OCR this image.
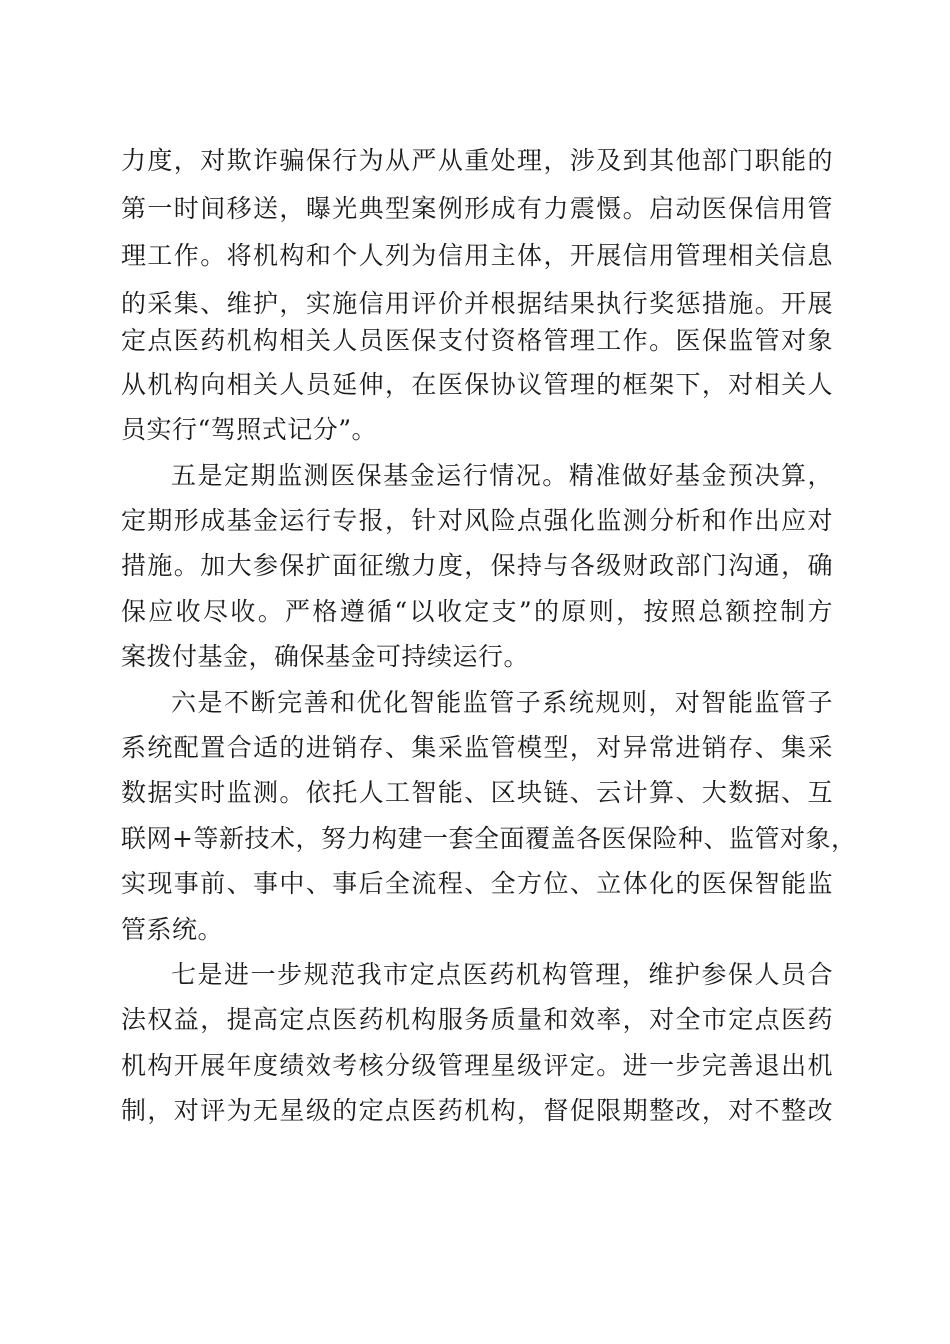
力度，对欺诈骗保行为从严从重处理，涉及到其他部门职能的
第一时间移送，曝光典型案例形成有力震慑。启动医保信用管
理工作。将机构和个人列为信用主体，开展信用管理相关信息
的采集、维护，实施信用评价并根据结果执行奖惩措施。开展
定点医药机构相关人员医保支付资格管理工作。医保监管对象
从机构向相关人员延伸，在医保协议管理的框架下，对相关人
员实行“驾照式记分”。
五是定期监测医保基金运行情况。精准做好基金预决算，
定期形成基金运行专报，针对风险点强化监测分析和作出应对
措施。加大参保扩面征缴力度，保持与各级财政部门沟通，确
保应收尽收。严格遵循“以收定支”的原则，按照总额控制方
案拨付基金，确保基金可持续运行。
六是不断完善和优化智能监管子系统规则，对智能监管子
系统配置合适的进销存、集采监管模型，对异常进销存、集采
数据实时监测。依托人工智能、区块链、云计算、大数据、互
联网+等新技术，努力构建一套全面覆盖各医保险种、监管对象，
实现事前、事中、事后全流程、全方位、立体化的医保智能监
管系统。
七是进一步规范我市定点医药机构管理，维护参保人员合
法权益，提高定点医药机构服务质量和效率，对全市定点医药
机构开展年度绩效考核分级管理星级评定。进一步完善退出机
制，对评为无星级的定点医药机构，督促限期整改，对不整改
